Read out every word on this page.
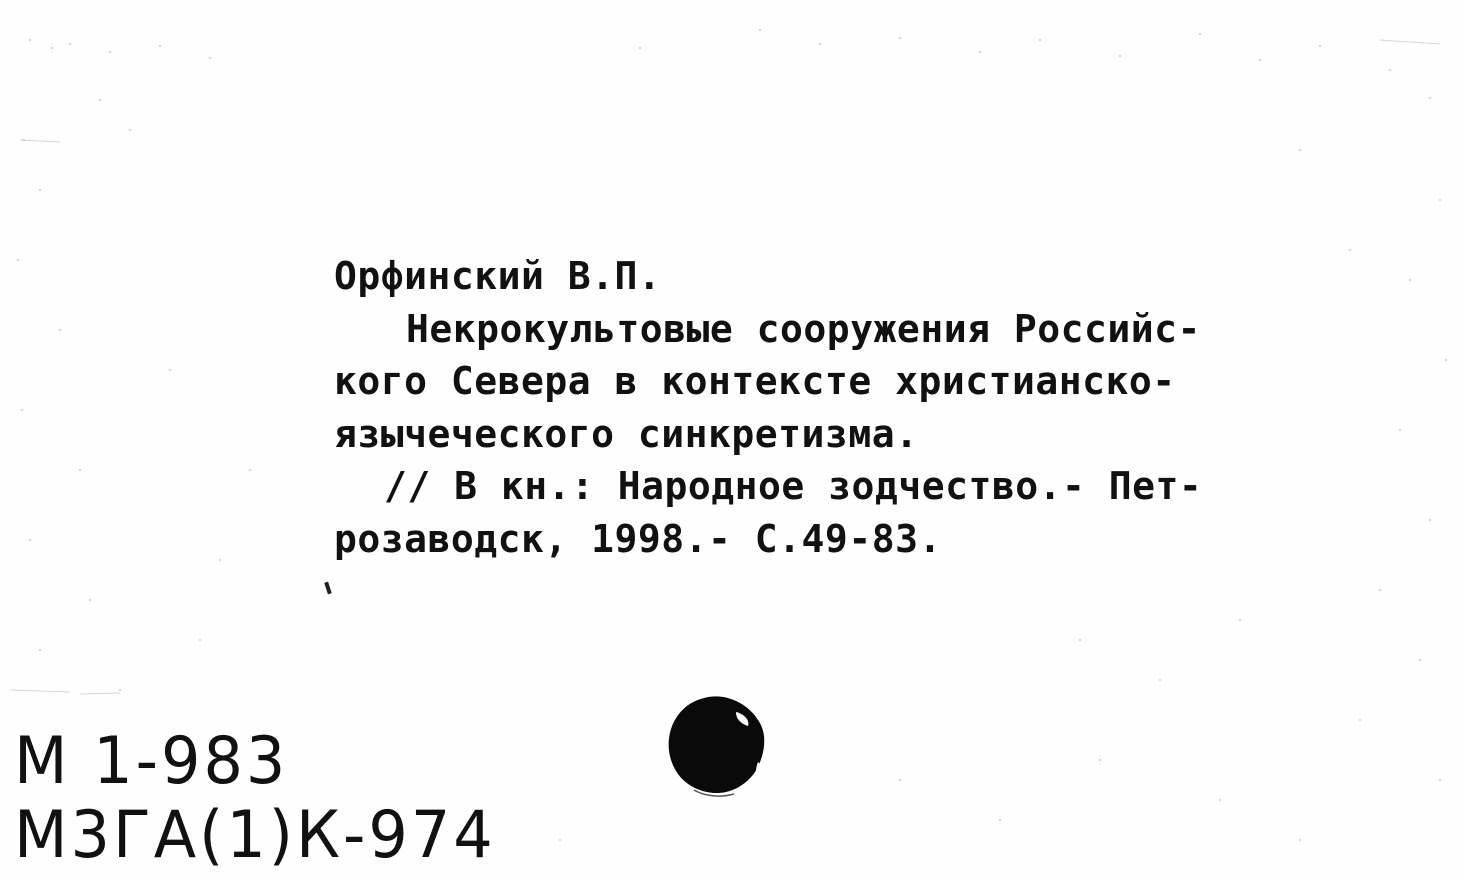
Орфинский В.П.
Некрокультовые сооружения Российс-
кого Севера в контексте христианско-
язычеческого синкретизма.
// В кн.: Народное зодчество.- Пет-
розаводск, 1998.- С.49-83.
М 1-983
М3ГА(1)К-974
